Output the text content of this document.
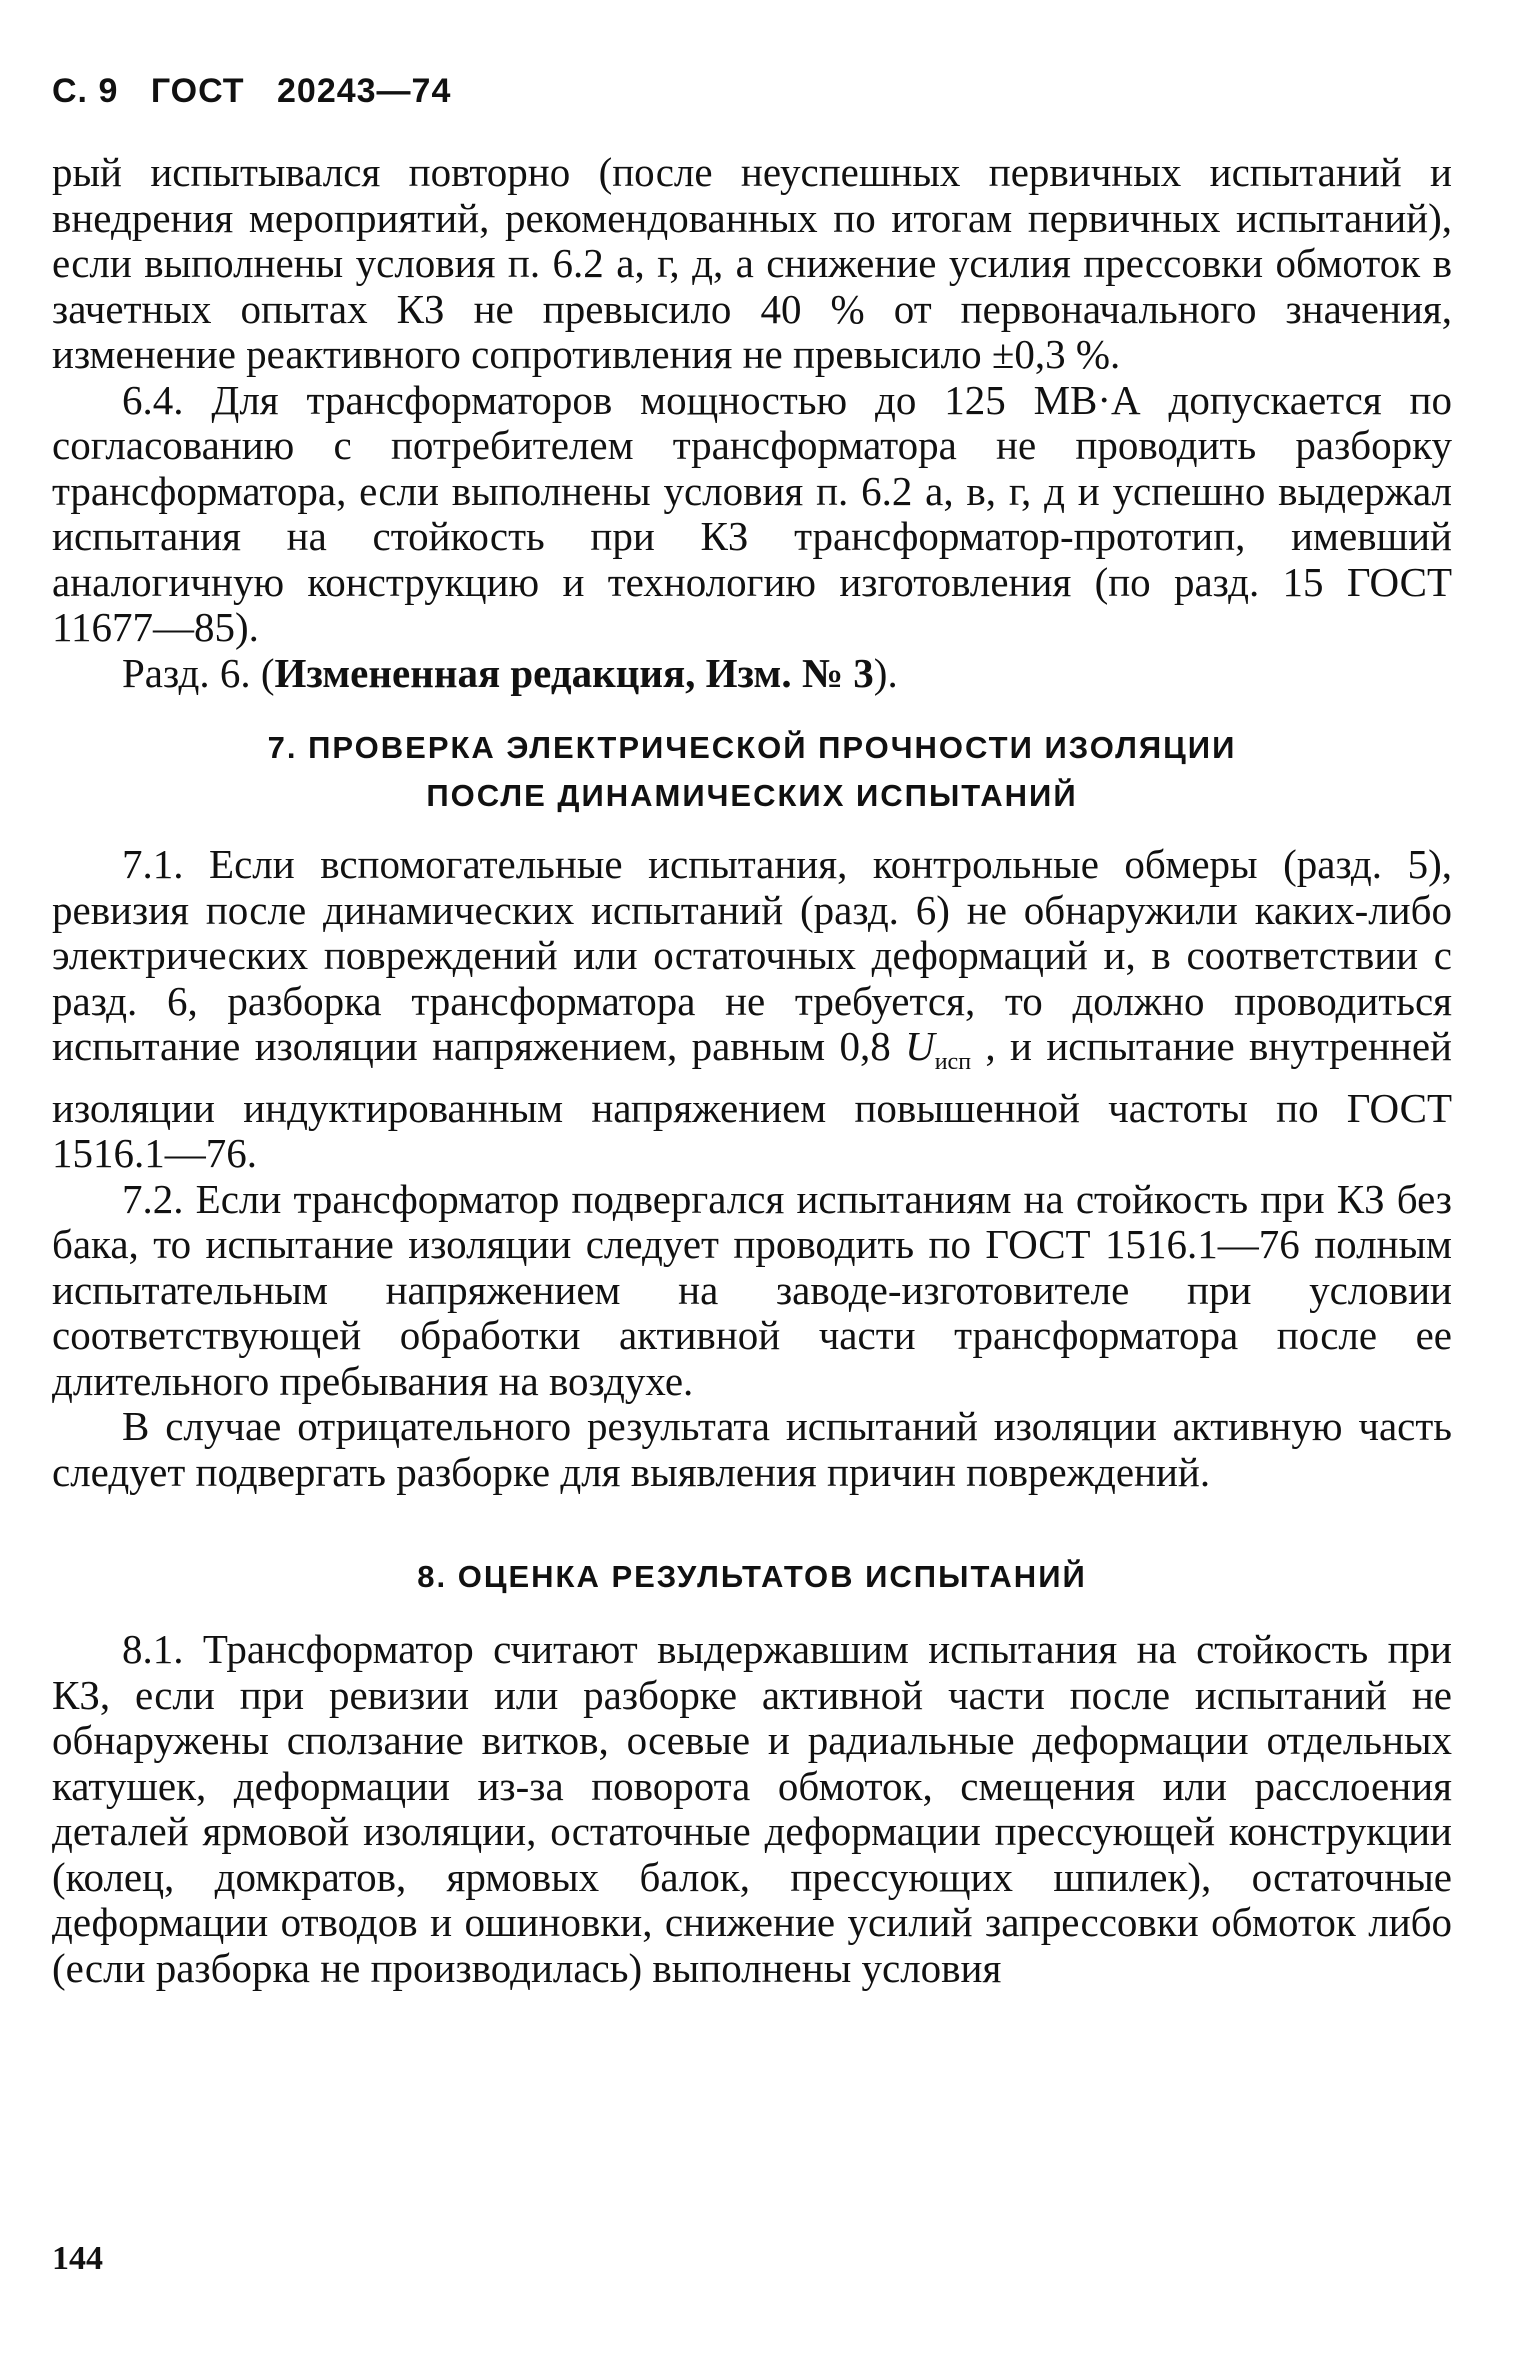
С. 9 ГОСТ 20243—74

рый испытывался повторно (после неуспешных первичных испытаний и внедрения мероприятий, рекомендованных по итогам первичных испытаний), если выполнены условия п. 6.2 а, г, д, а снижение усилия прессовки обмоток в зачетных опытах КЗ не превысило 40 % от первоначального значения, изменение реактивного сопротивления не превысило ±0,3 %.

6.4. Для трансформаторов мощностью до 125 МВ·А допускается по согласованию с потребителем трансформатора не проводить разборку трансформатора, если выполнены условия п. 6.2 а, в, г, д и успешно выдержал испытания на стойкость при КЗ трансформатор-прототип, имевший аналогичную конструкцию и технологию изготовления (по разд. 15 ГОСТ 11677—85).

Разд. 6. (Измененная редакция, Изм. № 3).

7. ПРОВЕРКА ЭЛЕКТРИЧЕСКОЙ ПРОЧНОСТИ ИЗОЛЯЦИИ

ПОСЛЕ ДИНАМИЧЕСКИХ ИСПЫТАНИЙ

7.1. Если вспомогательные испытания, контрольные обмеры (разд. 5), ревизия после динамических испытаний (разд. 6) не обнаружили каких-либо электрических повреждений или остаточных деформаций и, в соответствии с разд. 6, разборка трансформатора не требуется, то должно проводиться испытание изоляции напряжением, равным 0,8 $U_{исп}$ , и испытание внутренней изоляции индуктированным напряжением повышенной частоты по ГОСТ 1516.1—76.

7.2. Если трансформатор подвергался испытаниям на стойкость при КЗ без бака, то испытание изоляции следует проводить по ГОСТ 1516.1—76 полным испытательным напряжением на заводе-изготовителе при условии соответствующей обработки активной части трансформатора после ее длительного пребывания на воздухе.

В случае отрицательного результата испытаний изоляции активную часть следует подвергать разборке для выявления причин повреждений.

8. ОЦЕНКА РЕЗУЛЬТАТОВ ИСПЫТАНИЙ

8.1. Трансформатор считают выдержавшим испытания на стойкость при КЗ, если при ревизии или разборке активной части после испытаний не обнаружены сползание витков, осевые и радиальные деформации отдельных катушек, деформации из-за поворота обмоток, смещения или расслоения деталей ярмовой изоляции, остаточные деформации прессующей конструкции (колец, домкратов, ярмовых балок, прессующих шпилек), остаточные деформации отводов и ошиновки, снижение усилий запрессовки обмоток либо (если разборка не производилась) выполнены условия

144
